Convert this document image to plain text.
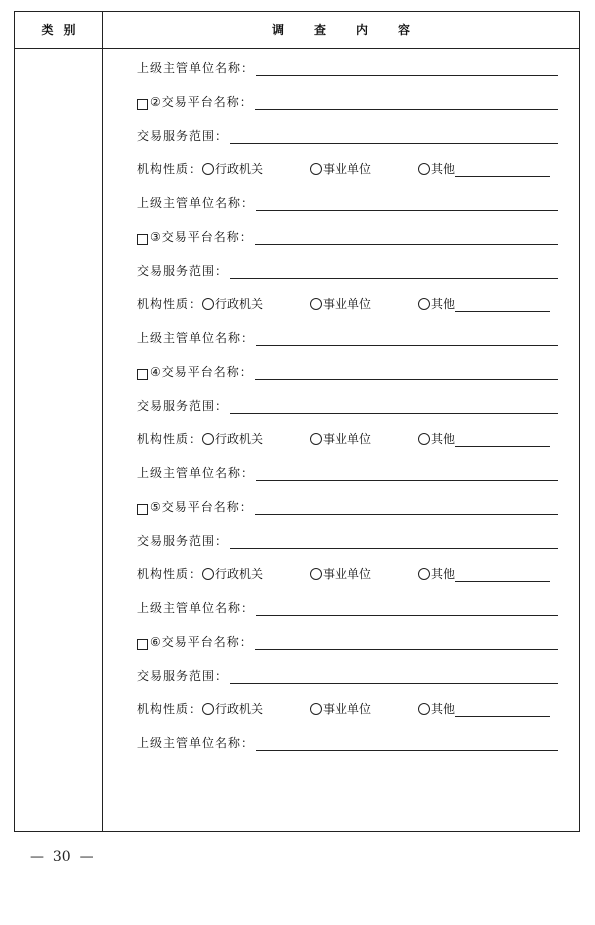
类别	调查内容
上级主管单位名称：
②交易平台名称：
交易服务范围：
机构性质： 行政机关	事业单位	其他
上级主管单位名称：
③交易平台名称：
交易服务范围：
机构性质： 行政机关	事业单位	其他
上级主管单位名称：
④交易平台名称：
交易服务范围：
机构性质： 行政机关	事业单位	其他
上级主管单位名称：
⑤交易平台名称：
交易服务范围：
机构性质： 行政机关	事业单位	其他
上级主管单位名称：
⑥交易平台名称：
交易服务范围：
机构性质： 行政机关	事业单位	其他
上级主管单位名称：
—  30  —
